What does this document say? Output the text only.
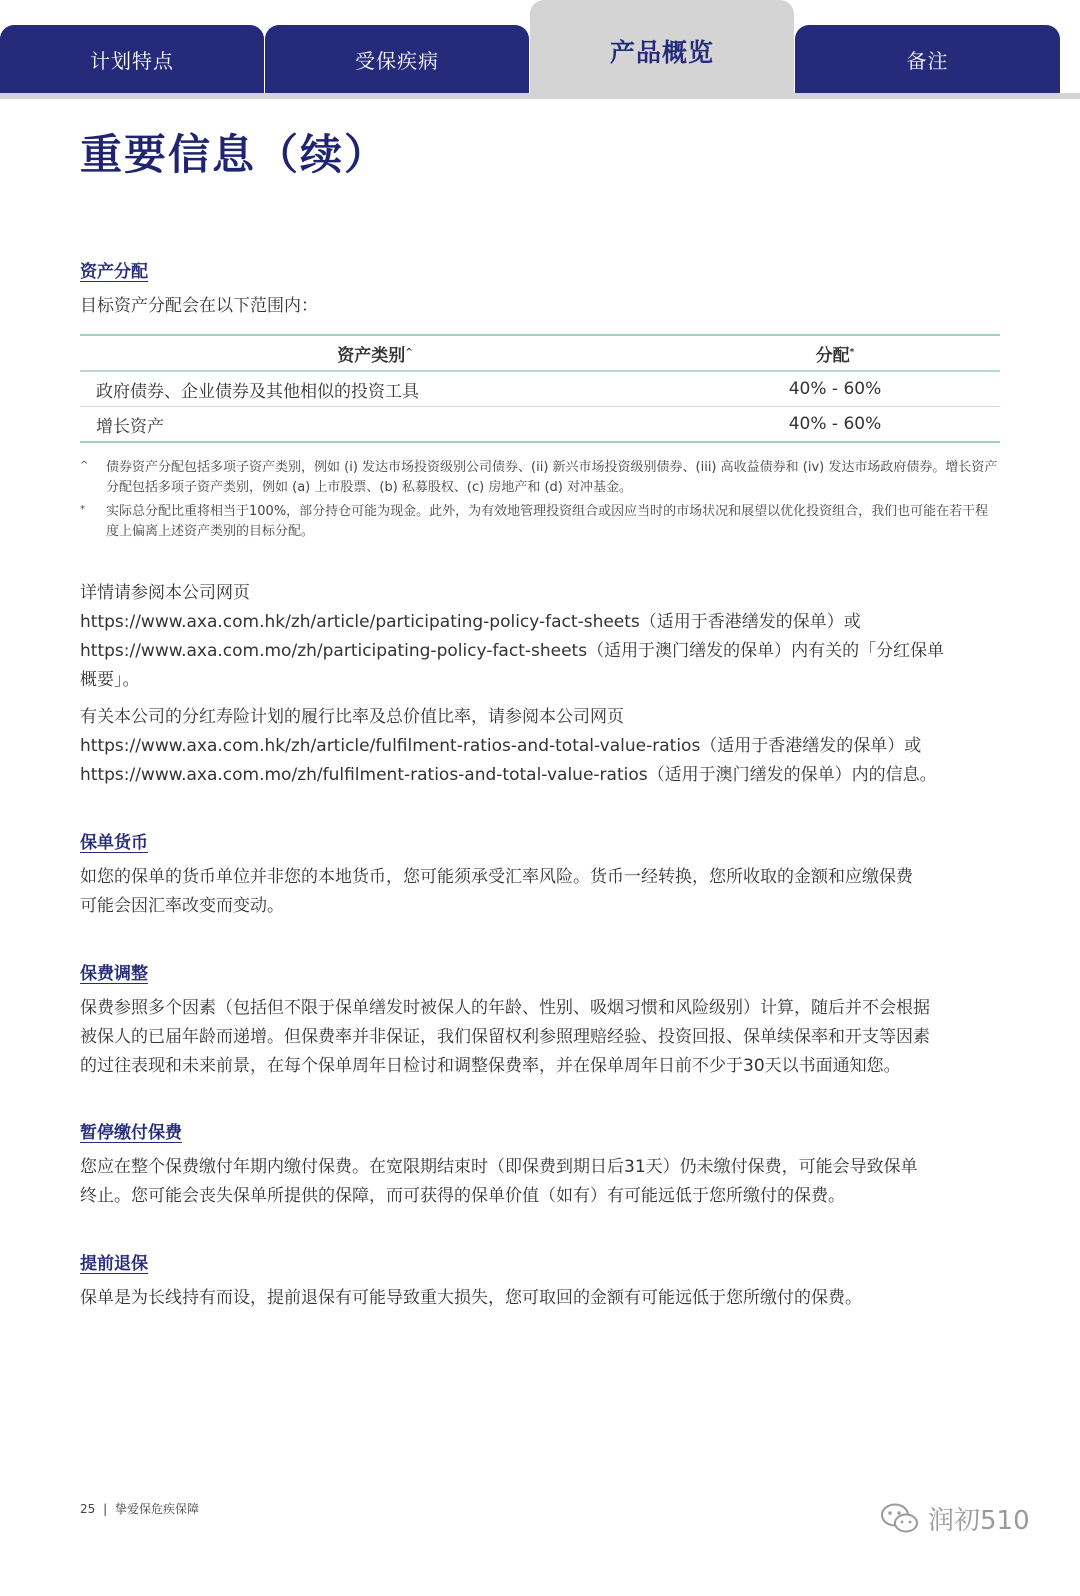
计划特点	受保疾病	产品概览	备注
重要信息（续）
资产分配
目标资产分配会在以下范围内：
资产类别^	分配*
政府债券、企业债券及其他相似的投资工具	40% - 60%
增长资产	40% - 60%
^ 债券资产分配包括多项子资产类别，例如 (i) 发达市场投资级别公司债券、(ii) 新兴市场投资级别债券、(iii) 高收益债券和 (iv) 发达市场政府债券。增长资产分配包括多项子资产类别，例如 (a) 上市股票、(b) 私募股权、(c) 房地产和 (d) 对冲基金。
* 实际总分配比重将相当于100%，部分持仓可能为现金。此外，为有效地管理投资组合或因应当时的市场状况和展望以优化投资组合，我们也可能在若干程度上偏离上述资产类别的目标分配。

详情请参阅本公司网页

https://www.axa.com.hk/zh/article/participating-policy-fact-sheets（适用于香港缮发的保单）或

https://www.axa.com.mo/zh/participating-policy-fact-sheets（适用于澳门缮发的保单）内有关的「分红保单

概要」。

有关本公司的分红寿险计划的履行比率及总价值比率，请参阅本公司网页

https://www.axa.com.hk/zh/article/fulfilment-ratios-and-total-value-ratios（适用于香港缮发的保单）或

https://www.axa.com.mo/zh/fulfilment-ratios-and-total-value-ratios（适用于澳门缮发的保单）内的信息。

保单货币

如您的保单的货币单位并非您的本地货币，您可能须承受汇率风险。货币一经转换，您所收取的金额和应缴保费

可能会因汇率改变而变动。

保费调整

保费参照多个因素（包括但不限于保单缮发时被保人的年龄、性别、吸烟习惯和风险级别）计算，随后并不会根据

被保人的已届年龄而递增。但保费率并非保证，我们保留权利参照理赔经验、投资回报、保单续保率和开支等因素

的过往表现和未来前景，在每个保单周年日检讨和调整保费率，并在保单周年日前不少于30天以书面通知您。

暂停缴付保费

您应在整个保费缴付年期内缴付保费。在宽限期结束时（即保费到期日后31天）仍未缴付保费，可能会导致保单

终止。您可能会丧失保单所提供的保障，而可获得的保单价值（如有）有可能远低于您所缴付的保费。

提前退保

保单是为长线持有而设，提前退保有可能导致重大损失，您可取回的金额有可能远低于您所缴付的保费。

25 | 挚爱保危疾保障	润初510
